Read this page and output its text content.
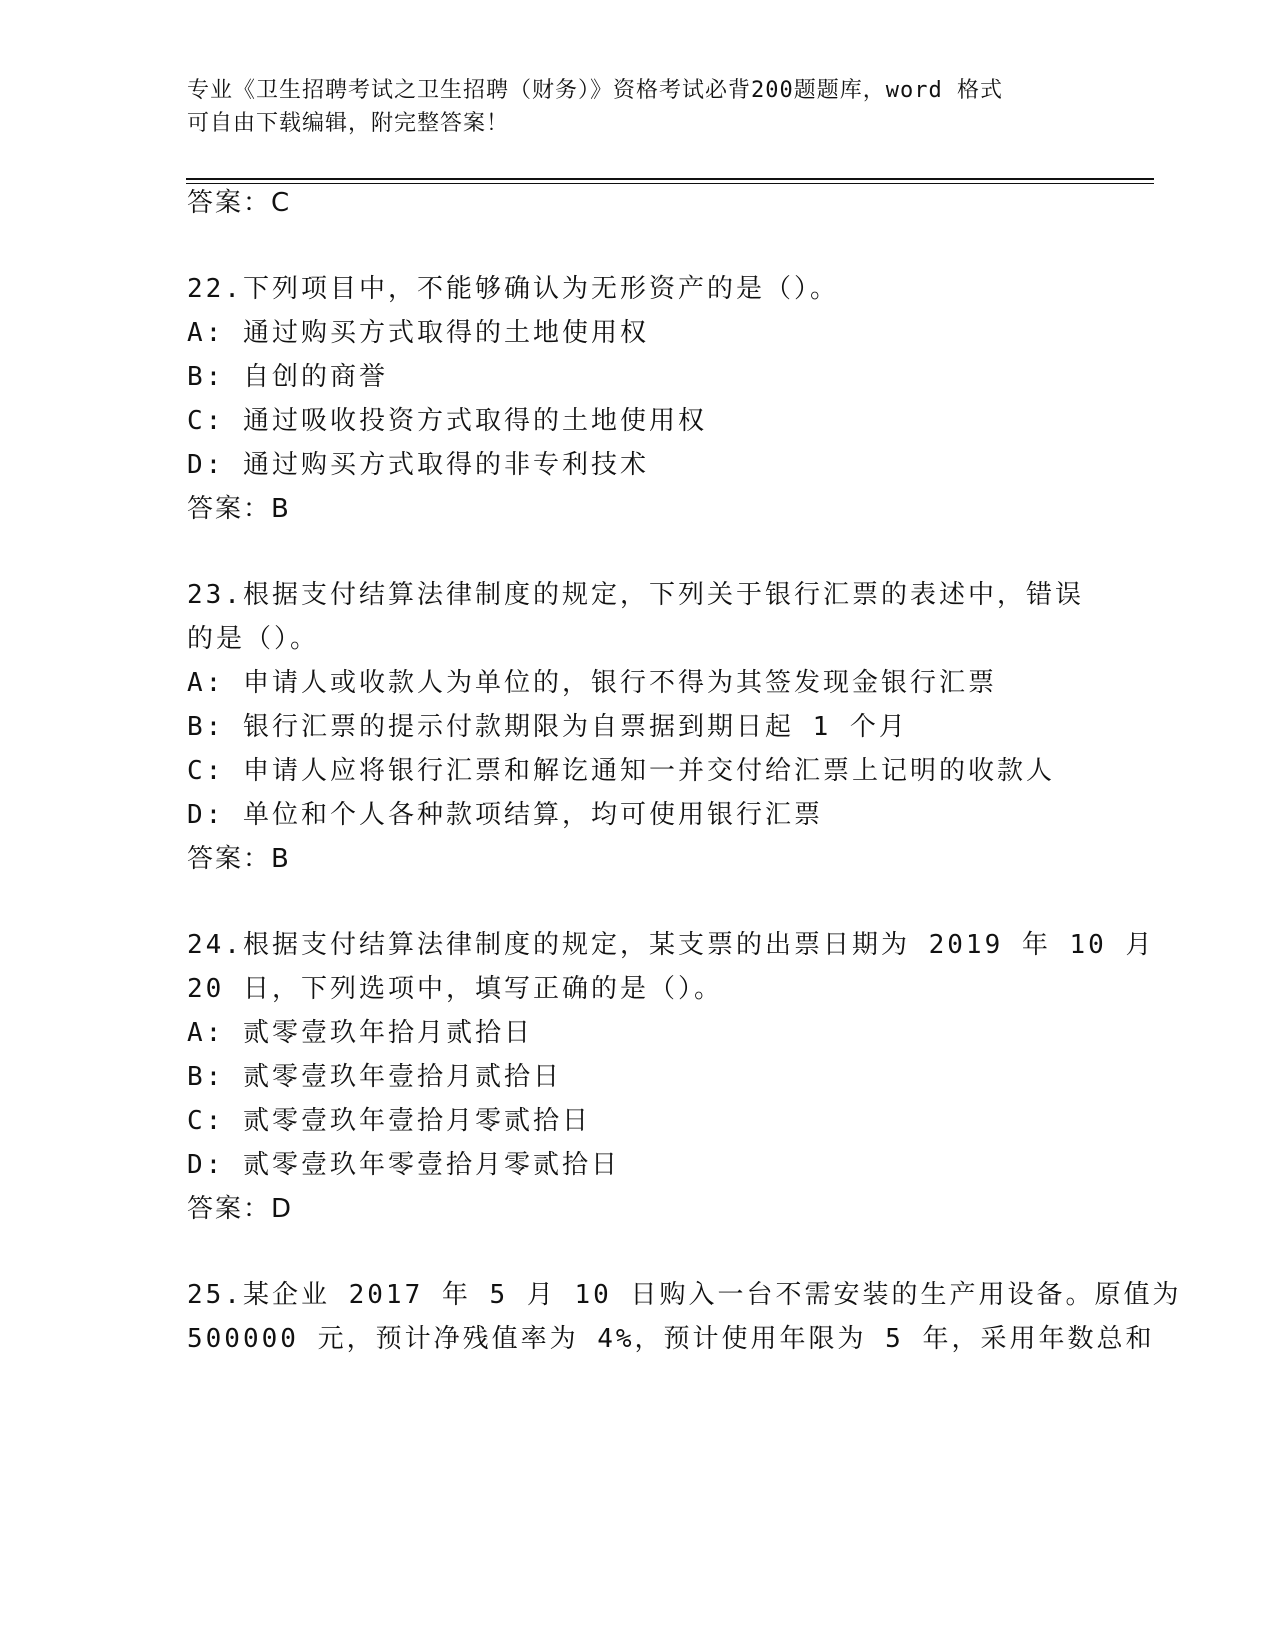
专业《卫生招聘考试之卫生招聘（财务）》资格考试必背200题题库，word 格式
可自由下载编辑，附完整答案！
答案：C
22.下列项目中，不能够确认为无形资产的是（）。
A: 通过购买方式取得的土地使用权
B: 自创的商誉
C: 通过吸收投资方式取得的土地使用权
D: 通过购买方式取得的非专利技术
答案：B
23.根据支付结算法律制度的规定，下列关于银行汇票的表述中，错误
的是（）。
A: 申请人或收款人为单位的，银行不得为其签发现金银行汇票
B: 银行汇票的提示付款期限为自票据到期日起 1 个月
C: 申请人应将银行汇票和解讫通知一并交付给汇票上记明的收款人
D: 单位和个人各种款项结算，均可使用银行汇票
答案：B
24.根据支付结算法律制度的规定，某支票的出票日期为 2019 年 10 月
20 日，下列选项中，填写正确的是（）。
A: 贰零壹玖年拾月贰拾日
B: 贰零壹玖年壹拾月贰拾日
C: 贰零壹玖年壹拾月零贰拾日
D: 贰零壹玖年零壹拾月零贰拾日
答案：D
25.某企业 2017 年 5 月 10 日购入一台不需安装的生产用设备。原值为
500000 元，预计净残值率为 4%，预计使用年限为 5 年，采用年数总和
